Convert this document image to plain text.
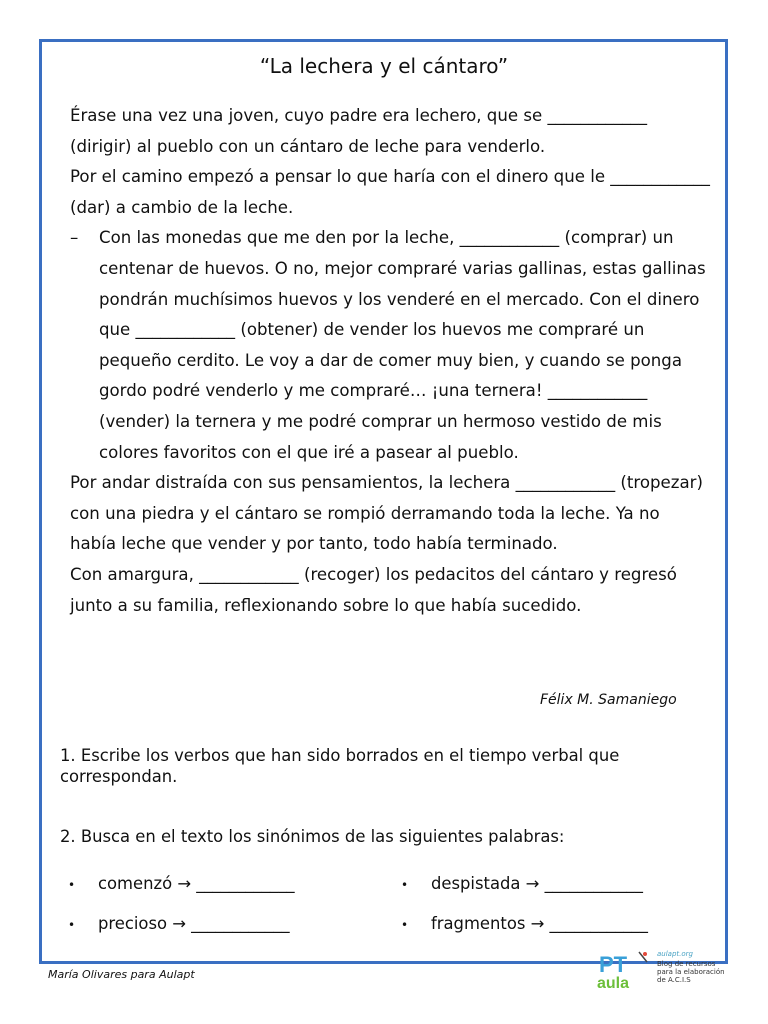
“La lechera y el cántaro”

Érase una vez una joven, cuyo padre era lechero, que se ____________ (dirigir) al pueblo con un cántaro de leche para venderlo.

Por el camino empezó a pensar lo que haría con el dinero que le ____________ (dar) a cambio de la leche.

– Con las monedas que me den por la leche, ____________ (comprar) un centenar de huevos. O no, mejor compraré varias gallinas, estas gallinas pondrán muchísimos huevos y los venderé en el mercado. Con el dinero que ____________ (obtener) de vender los huevos me compraré un pequeño cerdito. Le voy a dar de comer muy bien, y cuando se ponga gordo podré venderlo y me compraré… ¡una ternera! ____________ (vender) la ternera y me podré comprar un hermoso vestido de mis colores favoritos con el que iré a pasear al pueblo.

Por andar distraída con sus pensamientos, la lechera ____________ (tropezar) con una piedra y el cántaro se rompió derramando toda la leche. Ya no había leche que vender y por tanto, todo había terminado.

Con amargura, ____________ (recoger) los pedacitos del cántaro y regresó junto a su familia, reflexionando sobre lo que había sucedido.

Félix M. Samaniego
1. Escribe los verbos que han sido borrados en el tiempo verbal que correspondan.
2. Busca en el texto los sinónimos de las siguientes palabras:
• comenzó → ____________	• despistada → ____________
• precioso → ____________	• fragmentos → ____________
María Olivares para Aulapt	PT
aula
aulapt.org
Blog de recursos para la elaboración de A.C.I.S
